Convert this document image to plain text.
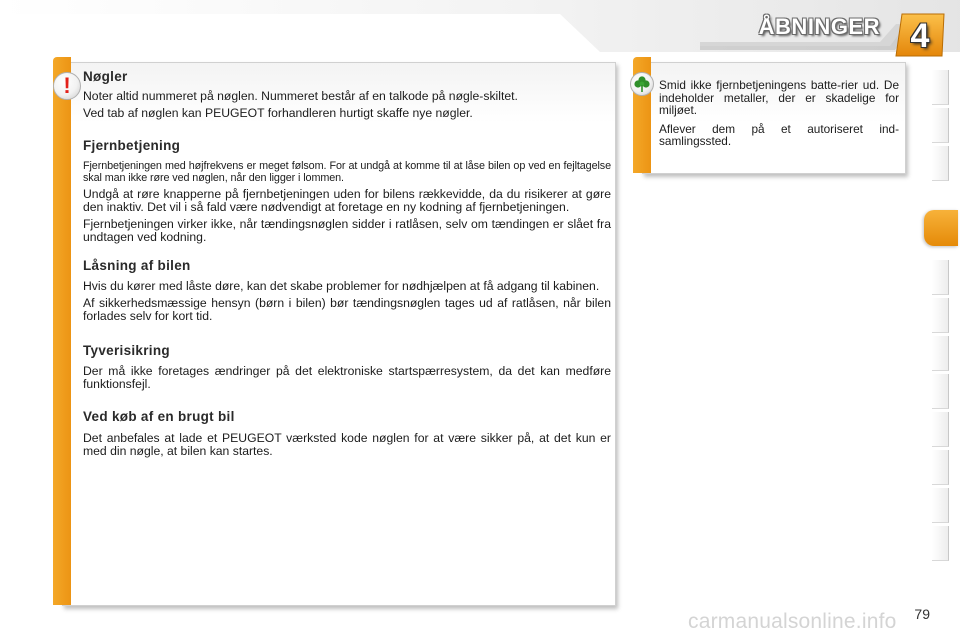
ÅBNINGER 4
Nøgler

Noter altid nummeret på nøglen. Nummeret består af en talkode på nøgle-skiltet.

Ved tab af nøglen kan PEUGEOT forhandleren hurtigt skaffe nye nøgler.

Fjernbetjening

Fjernbetjeningen med højfrekvens er meget følsom. For at undgå at komme til at låse bilen op ved en fejltagelse skal man ikke røre ved nøglen, når den ligger i lommen.

Undgå at røre knapperne på fjernbetjeningen uden for bilens rækkevidde, da du risikerer at gøre den inaktiv. Det vil i så fald være nødvendigt at foretage en ny kodning af fjernbetjeningen.

Fjernbetjeningen virker ikke, når tændingsnøglen sidder i ratlåsen, selv om tændingen er slået fra undtagen ved kodning.

Låsning af bilen

Hvis du kører med låste døre, kan det skabe problemer for nødhjælpen at få adgang til kabinen.

Af sikkerhedsmæssige hensyn (børn i bilen) bør tændingsnøglen tages ud af ratlåsen, når bilen forlades selv for kort tid.

Tyverisikring

Der må ikke foretages ændringer på det elektroniske startspærresystem, da det kan medføre funktionsfejl.

Ved køb af en brugt bil

Det anbefales at lade et PEUGEOT værksted kode nøglen for at være sikker på, at det kun er med din nøgle, at bilen kan startes.

!	Smid ikke fjernbetjeningens batte-rier ud. De indeholder metaller, der er skadelige for miljøet.

Aflever dem på et autoriseret ind-samlingssted.

79
carmanualsonline.info
